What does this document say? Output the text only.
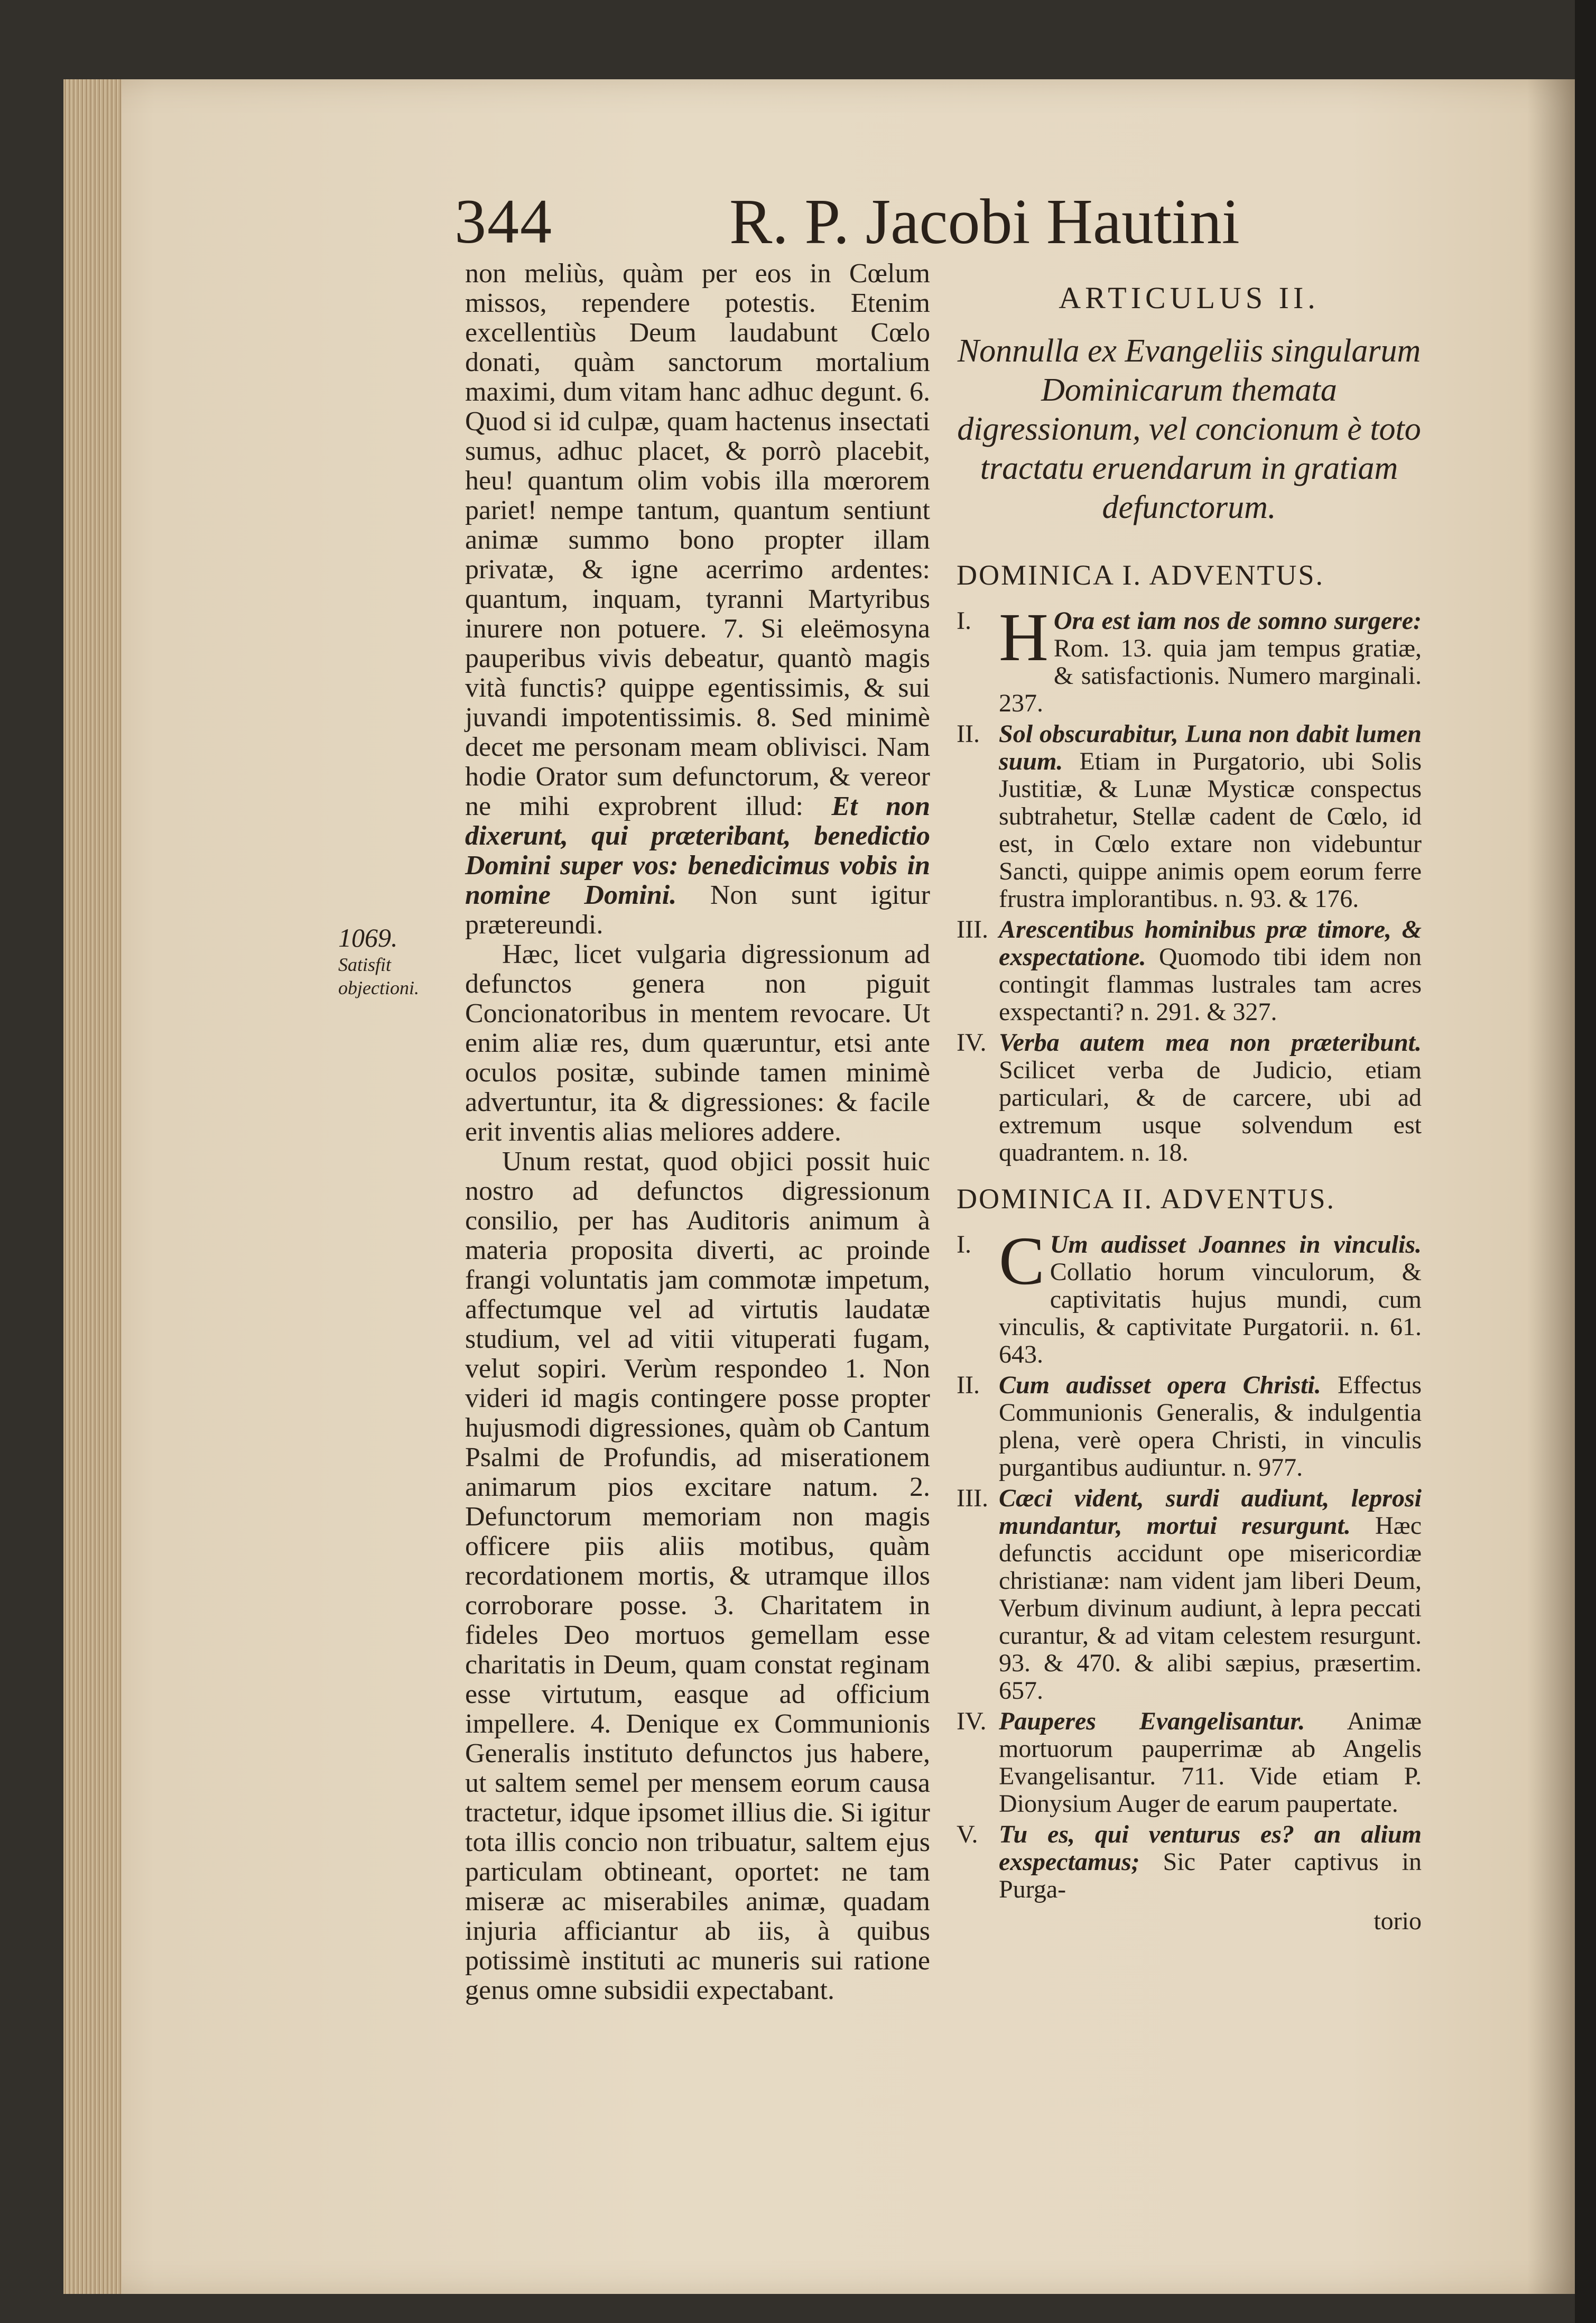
344	R. P. Jacobi Hautini
1069.
Satisfit objectioni.

non meliùs, quàm per eos in Cœlum missos, rependere potestis. Etenim excellentiùs Deum laudabunt Cœlo donati, quàm sanctorum mortalium maximi, dum vitam hanc adhuc degunt. 6. Quod si id culpæ, quam hactenus insectati sumus, adhuc placet, & porrò placebit, heu! quantum olim vobis illa mœrorem pariet! nempe tantum, quantum sentiunt animæ summo bono propter illam privatæ, & igne acerrimo ardentes: quantum, inquam, tyranni Martyribus inurere non potuere. 7. Si eleëmosyna pauperibus vivis debeatur, quantò magis vità functis? quippe egentissimis, & sui juvandi impotentissimis. 8. Sed minimè decet me personam meam oblivisci. Nam hodie Orator sum defunctorum, & vereor ne mihi exprobrent illud: Et non dixerunt, qui præteribant, benedictio Domini super vos: benedicimus vobis in nomine Domini. Non sunt igitur prætereundi.

Hæc, licet vulgaria digressionum ad defunctos genera non piguit Concionatoribus in mentem revocare. Ut enim aliæ res, dum quæruntur, etsi ante oculos positæ, subinde tamen minimè advertuntur, ita & digressiones: & facile erit inventis alias meliores addere.

Unum restat, quod objici possit huic nostro ad defunctos digressionum consilio, per has Auditoris animum à materia proposita diverti, ac proinde frangi voluntatis jam commotæ impetum, affectumque vel ad virtutis laudatæ studium, vel ad vitii vituperati fugam, velut sopiri. Verùm respondeo 1. Non videri id magis contingere posse propter hujusmodi digressiones, quàm ob Cantum Psalmi de Profundis, ad miserationem animarum pios excitare natum. 2. Defunctorum memoriam non magis officere piis aliis motibus, quàm recordationem mortis, & utramque illos corroborare posse. 3. Charitatem in fideles Deo mortuos gemellam esse charitatis in Deum, quam constat reginam esse virtutum, easque ad officium impellere. 4. Denique ex Communionis Generalis instituto defunctos jus habere, ut saltem semel per mensem eorum causa tractetur, idque ipsomet illius die. Si igitur tota illis concio non tribuatur, saltem ejus particulam obtineant, oportet: ne tam miseræ ac miserabiles animæ, quadam injuria afficiantur ab iis, à quibus potissimè instituti ac muneris sui ratione genus omne subsidii expectabant.

ARTICULUS II.
Nonnulla ex Evangeliis singularum Dominicarum themata digressionum, vel concionum è toto tractatu eruendarum in gratiam defunctorum.
DOMINICA I. ADVENTUS.
I. H Ora est iam nos de somno surgere: Rom. 13. quia jam tempus gratiæ, & satisfactionis. Numero marginali. 237.
II. Sol obscurabitur, Luna non dabit lumen suum. Etiam in Purgatorio, ubi Solis Justitiæ, & Lunæ Mysticæ conspectus subtrahetur, Stellæ cadent de Cœlo, id est, in Cœlo extare non videbuntur Sancti, quippe animis opem eorum ferre frustra implorantibus. n. 93. & 176.
III. Arescentibus hominibus præ timore, & exspectatione. Quomodo tibi idem non contingit flammas lustrales tam acres exspectanti? n. 291. & 327.
IV. Verba autem mea non præteribunt. Scilicet verba de Judicio, etiam particulari, & de carcere, ubi ad extremum usque solvendum est quadrantem. n. 18.
DOMINICA II. ADVENTUS.
I. C Um audisset Joannes in vinculis. Collatio horum vinculorum, & captivitatis hujus mundi, cum vinculis, & captivitate Purgatorii. n. 61. 643.
II. Cum audisset opera Christi. Effectus Communionis Generalis, & indulgentia plena, verè opera Christi, in vinculis purgantibus audiuntur. n. 977.
III. Cæci vident, surdi audiunt, leprosi mundantur, mortui resurgunt. Hæc defunctis accidunt ope misericordiæ christianæ: nam vident jam liberi Deum, Verbum divinum audiunt, à lepra peccati curantur, & ad vitam celestem resurgunt. 93. & 470. & alibi sæpius, præsertim. 657.
IV. Pauperes Evangelisantur. Animæ mortuorum pauperrimæ ab Angelis Evangelisantur. 711. Vide etiam P. Dionysium Auger de earum paupertate.
V. Tu es, qui venturus es? an alium exspectamus; Sic Pater captivus in Purga-
torio
